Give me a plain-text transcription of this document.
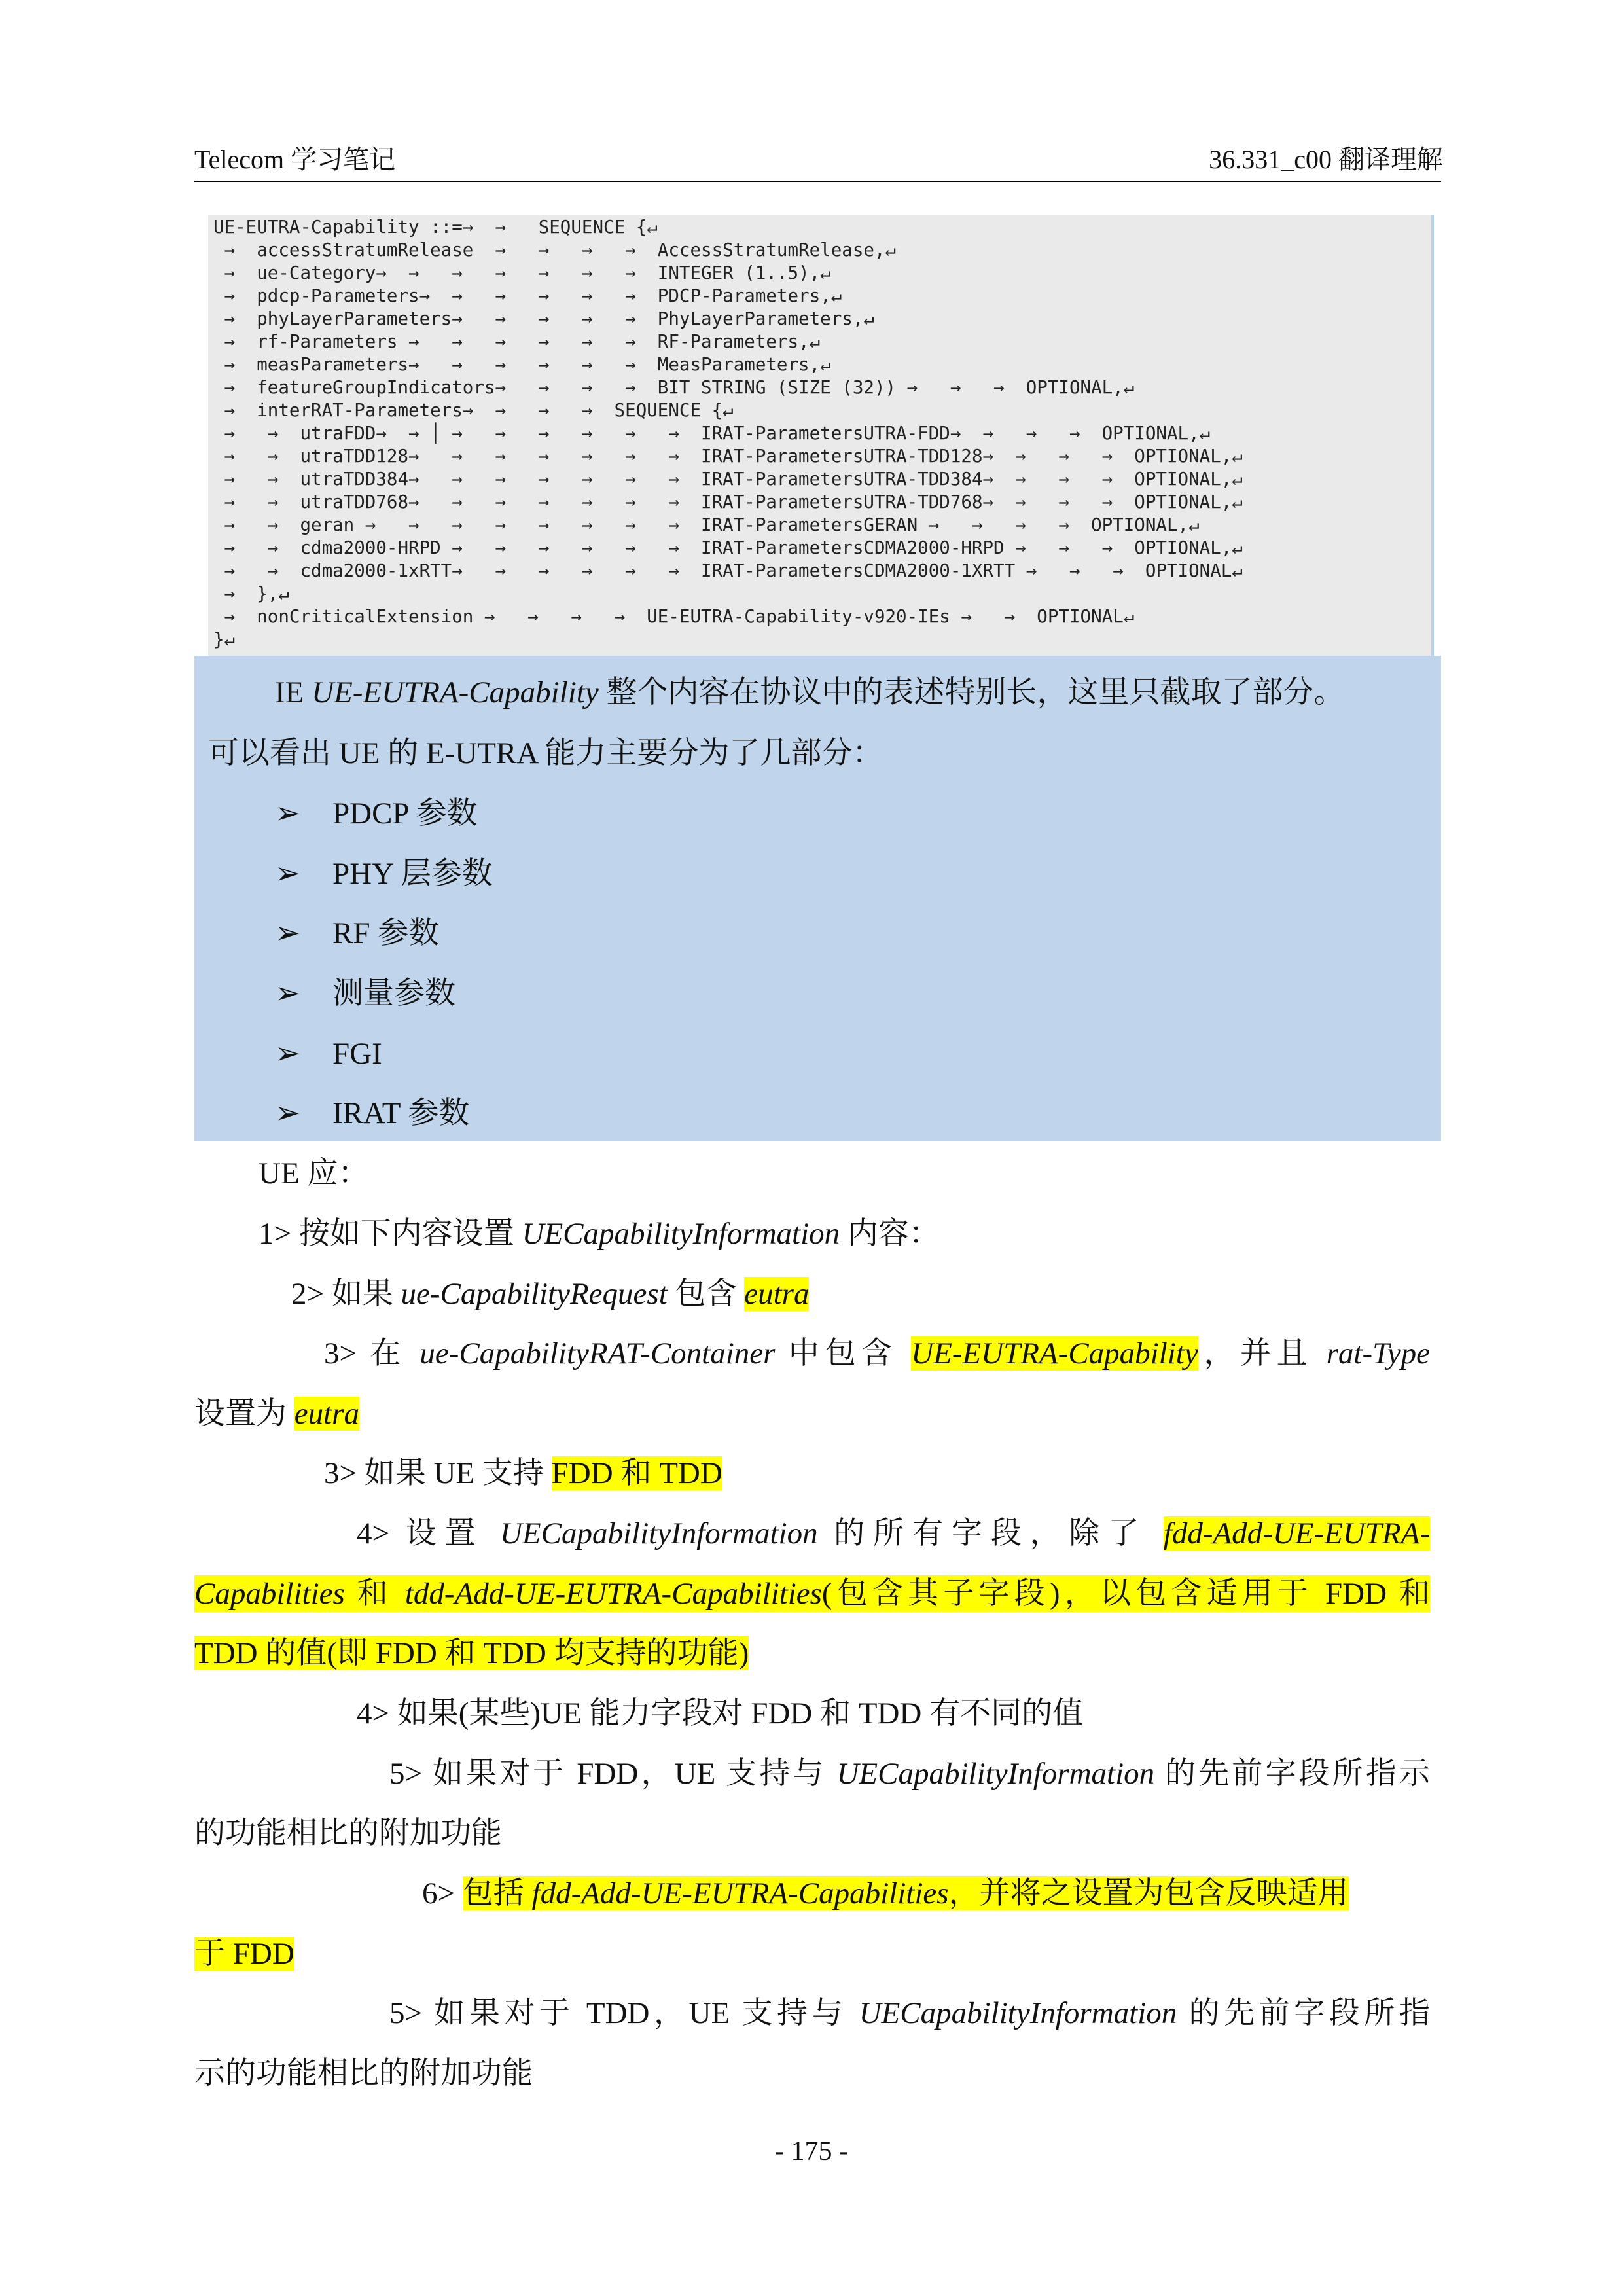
Telecom 学习笔记	36.331_c00 翻译理解
UE-EUTRA-Capability ::=→  →   SEQUENCE {↵
→  accessStratumRelease  →   →   →   →  AccessStratumRelease,↵
→  ue-Category→  →   →   →   →   →   →  INTEGER (1..5),↵
→  pdcp-Parameters→  →   →   →   →   →  PDCP-Parameters,↵
→  phyLayerParameters→   →   →   →   →  PhyLayerParameters,↵
→  rf-Parameters →   →   →   →   →   →  RF-Parameters,↵
→  measParameters→   →   →   →   →   →  MeasParameters,↵
→  featureGroupIndicators→   →   →   →  BIT STRING (SIZE (32)) →   →   →  OPTIONAL,↵
→  interRAT-Parameters→  →   →   →  SEQUENCE {↵
→   →  utraFDD→  → │ →   →   →   →   →   →  IRAT-ParametersUTRA-FDD→  →   →   →  OPTIONAL,↵
→   →  utraTDD128→   →   →   →   →   →   →  IRAT-ParametersUTRA-TDD128→  →   →   →  OPTIONAL,↵
→   →  utraTDD384→   →   →   →   →   →   →  IRAT-ParametersUTRA-TDD384→  →   →   →  OPTIONAL,↵
→   →  utraTDD768→   →   →   →   →   →   →  IRAT-ParametersUTRA-TDD768→  →   →   →  OPTIONAL,↵
→   →  geran →   →   →   →   →   →   →   →  IRAT-ParametersGERAN →   →   →   →  OPTIONAL,↵
→   →  cdma2000-HRPD →   →   →   →   →   →  IRAT-ParametersCDMA2000-HRPD →   →   →  OPTIONAL,↵
→   →  cdma2000-1xRTT→   →   →   →   →   →  IRAT-ParametersCDMA2000-1XRTT →   →   →  OPTIONAL↵
→  },↵
→  nonCriticalExtension →   →   →   →  UE-EUTRA-Capability-v920-IEs →   →  OPTIONAL↵
}↵
IE UE-EUTRA-Capability 整个内容在协议中的表述特别长，这里只截取了部分。
可以看出 UE 的 E-UTRA 能力主要分为了几部分：
➢ PDCP 参数
➢ PHY 层参数
➢ RF 参数
➢ 测量参数
➢ FGI
➢ IRAT 参数
UE 应：
1> 按如下内容设置 UECapabilityInformation 内容：
2> 如果 ue-CapabilityRequest 包含 eutra
3> 在 ue-CapabilityRAT-Container 中包含 UE-EUTRA-Capability，并且 rat-Type
设置为 eutra
3> 如果 UE 支持 FDD 和 TDD
4> 设置 UECapabilityInformation 的所有字段，除了 fdd-Add-UE-EUTRA-
Capabilities 和 tdd-Add-UE-EUTRA-Capabilities(包含其子字段)，以包含适用于 FDD 和
TDD 的值(即 FDD 和 TDD 均支持的功能)
4> 如果(某些)UE 能力字段对 FDD 和 TDD 有不同的值
5> 如果对于 FDD，UE 支持与 UECapabilityInformation 的先前字段所指示
的功能相比的附加功能
6> 包括 fdd-Add-UE-EUTRA-Capabilities，并将之设置为包含反映适用
于 FDD
5> 如果对于 TDD，UE 支持与 UECapabilityInformation 的先前字段所指
示的功能相比的附加功能
- 175 -
